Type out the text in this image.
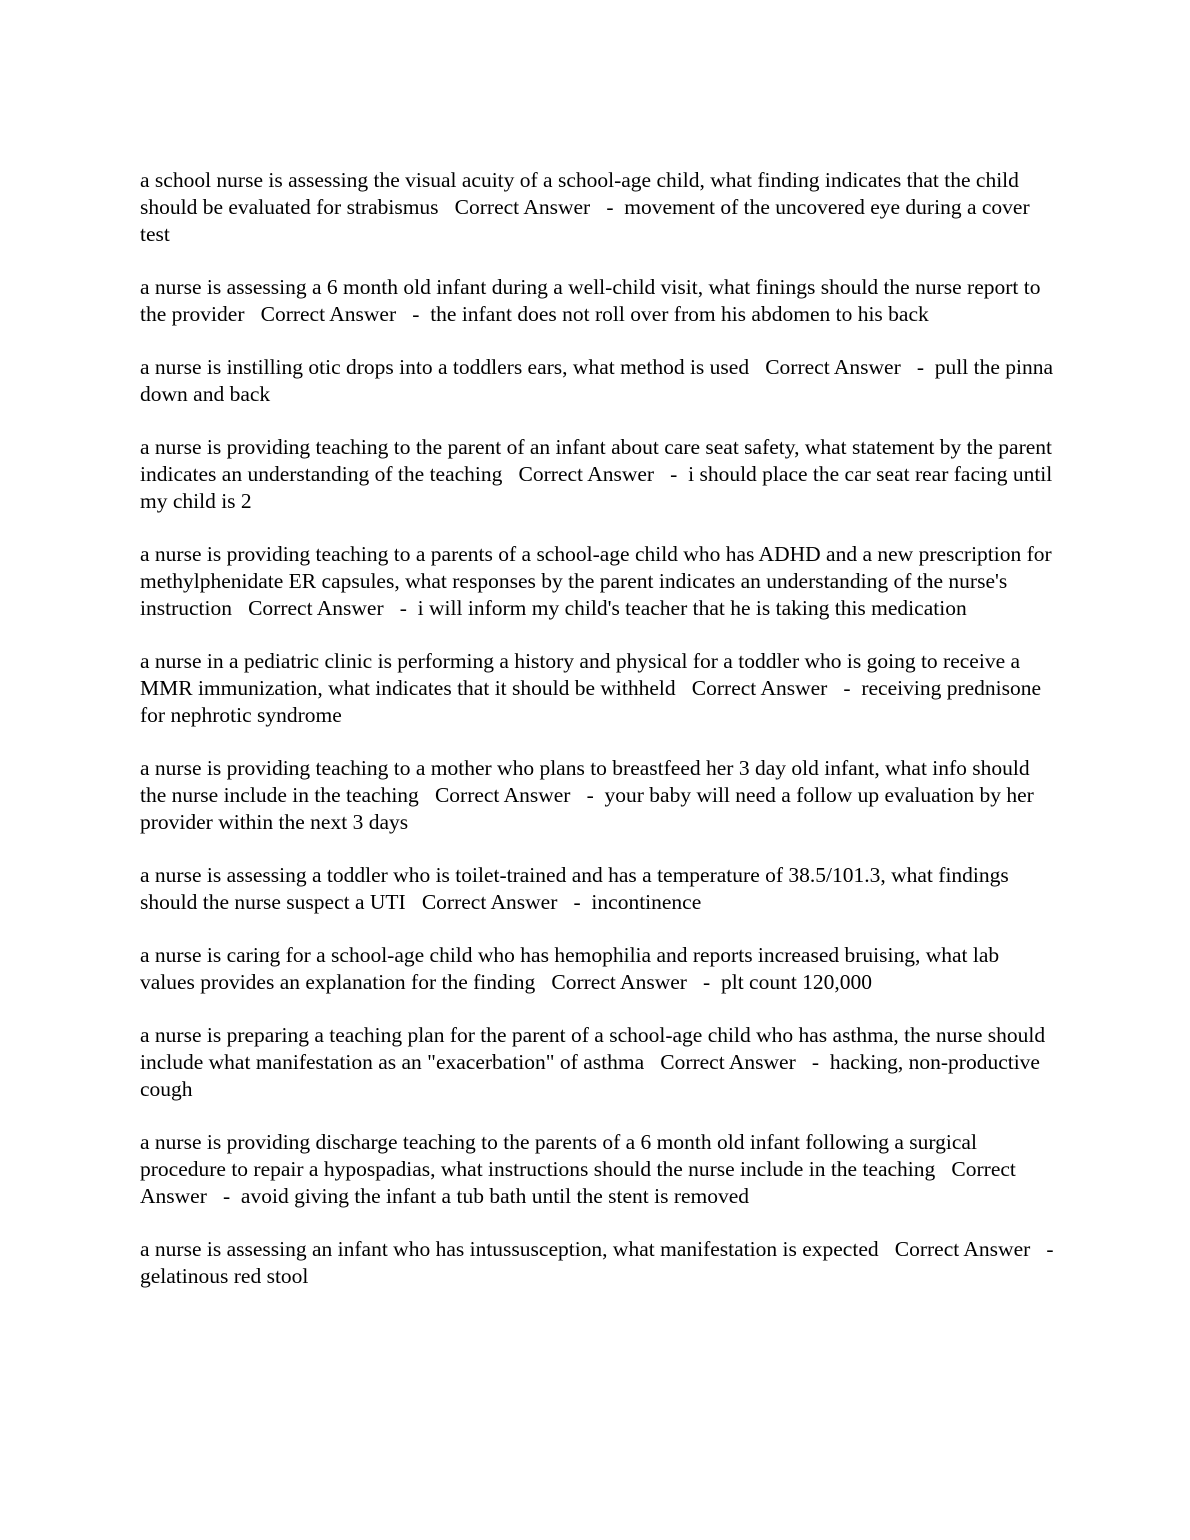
a school nurse is assessing the visual acuity of a school-age child, what finding indicates that the child should be evaluated for strabismus   Correct Answer   -  movement of the uncovered eye during a cover test

a nurse is assessing a 6 month old infant during a well-child visit, what finings should the nurse report to the provider   Correct Answer   -  the infant does not roll over from his abdomen to his back

a nurse is instilling otic drops into a toddlers ears, what method is used   Correct Answer   -  pull the pinna down and back

a nurse is providing teaching to the parent of an infant about care seat safety, what statement by the parent indicates an understanding of the teaching   Correct Answer   -  i should place the car seat rear facing until my child is 2

a nurse is providing teaching to a parents of a school-age child who has ADHD and a new prescription for methylphenidate ER capsules, what responses by the parent indicates an understanding of the nurse's instruction   Correct Answer   -  i will inform my child's teacher that he is taking this medication

a nurse in a pediatric clinic is performing a history and physical for a toddler who is going to receive a MMR immunization, what indicates that it should be withheld   Correct Answer   -  receiving prednisone for nephrotic syndrome

a nurse is providing teaching to a mother who plans to breastfeed her 3 day old infant, what info should the nurse include in the teaching   Correct Answer   -  your baby will need a follow up evaluation by her provider within the next 3 days

a nurse is assessing a toddler who is toilet-trained and has a temperature of 38.5/101.3, what findings should the nurse suspect a UTI   Correct Answer   -  incontinence

a nurse is caring for a school-age child who has hemophilia and reports increased bruising, what lab values provides an explanation for the finding   Correct Answer   -  plt count 120,000

a nurse is preparing a teaching plan for the parent of a school-age child who has asthma, the nurse should include what manifestation as an "exacerbation" of asthma   Correct Answer   -  hacking, non-productive cough

a nurse is providing discharge teaching to the parents of a 6 month old infant following a surgical procedure to repair a hypospadias, what instructions should the nurse include in the teaching   Correct Answer   -  avoid giving the infant a tub bath until the stent is removed

a nurse is assessing an infant who has intussusception, what manifestation is expected   Correct Answer   -  gelatinous red stool
